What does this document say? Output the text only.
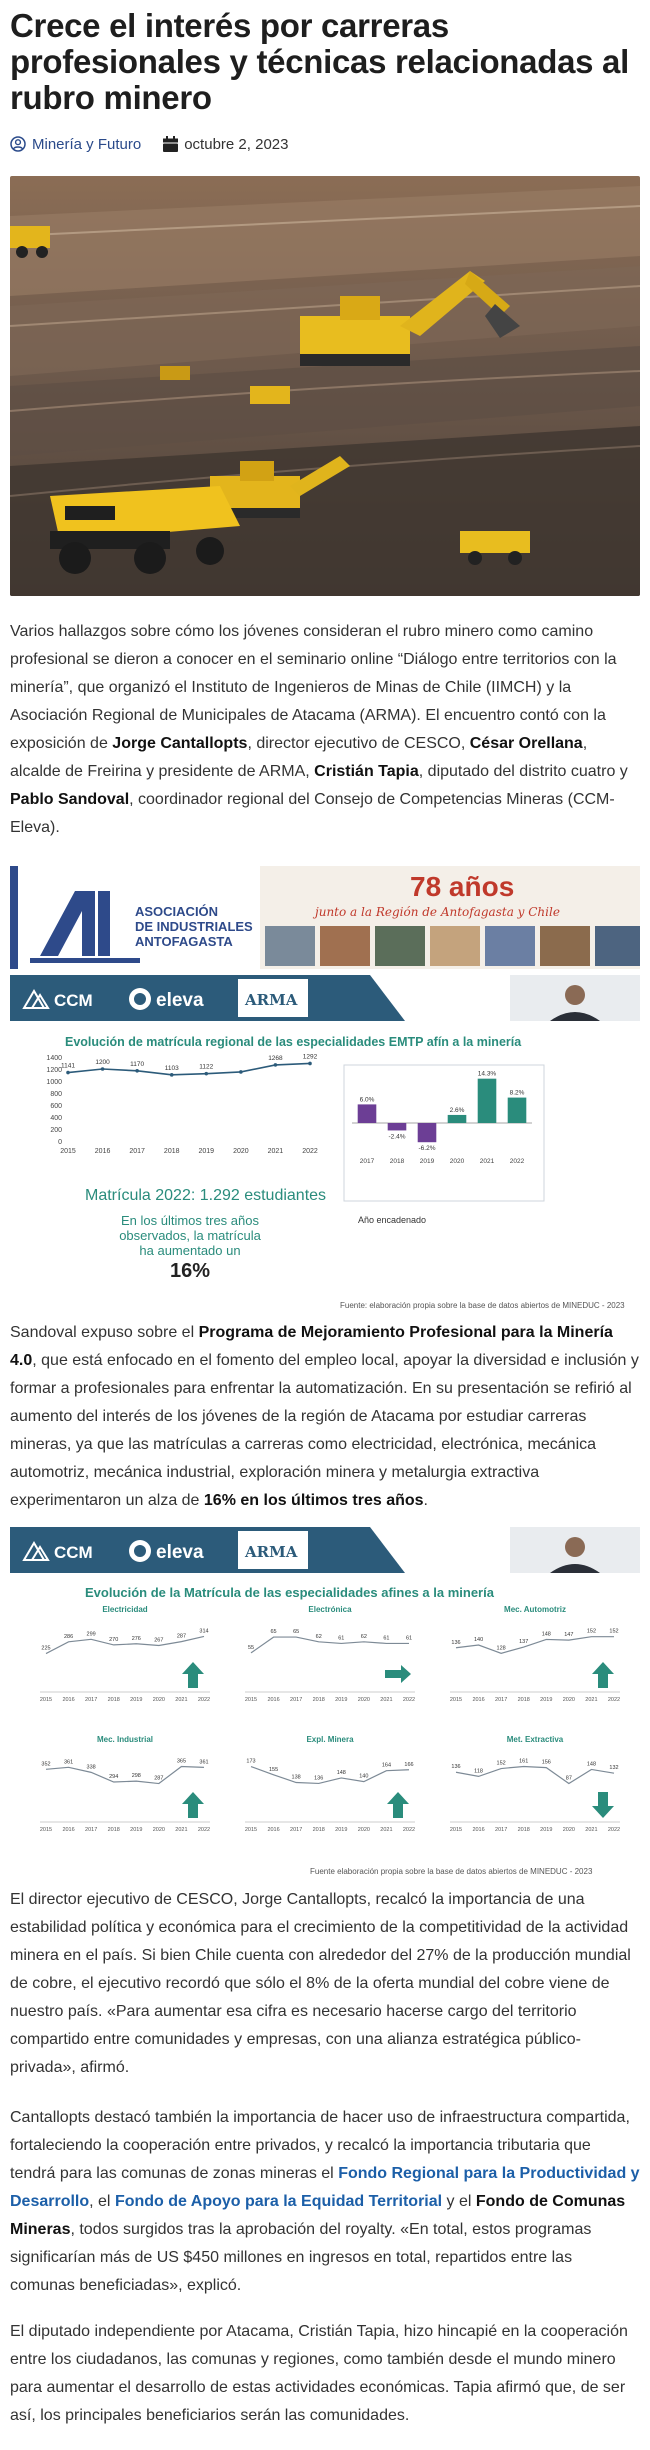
Crece el interés por carreras profesionales y técnicas relacionadas al rubro minero
Minería y Futuro	octubre 2, 2023

Varios hallazgos sobre cómo los jóvenes consideran el rubro minero como camino profesional se dieron a conocer en el seminario online “Diálogo entre territorios con la minería”, que organizó el Instituto de Ingenieros de Minas de Chile (IIMCH) y la Asociación Regional de Municipales de Atacama (ARMA). El encuentro contó con la exposición de Jorge Cantallopts, director ejecutivo de CESCO, César Orellana, alcalde de Freirina y presidente de ARMA, Cristián Tapia, diputado del distrito cuatro y Pablo Sandoval, coordinador regional del Consejo de Competencias Mineras (CCM-Eleva).

ASOCIACIÓN
DE INDUSTRIALES
ANTOFAGASTA
78 años
junto a la Región de Antofagasta y Chile
CCM	eleva	ARMA
Evolución de matrícula regional de las especialidades EMTP afín a la minería
0
200
400
600
800
1000
1200
1400
2015	2016	2017	2018	2019	2020	2021	2022
1141
1200	1170
1103	1122
1268	1292
6.0%
2017
-2.4%
2018
-6.2%
2019
2.6%
2020
14.3%
2021
8.2%
2022
Matrícula 2022: 1.292 estudiantes
En los últimos tres años
observados, la matrícula
ha aumentado un
16%
Año encadenado
Fuente: elaboración propia sobre la base de datos abiertos de MINEDUC - 2023

Sandoval expuso sobre el Programa de Mejoramiento Profesional para la Minería 4.0, que está enfocado en el fomento del empleo local, apoyar la diversidad e inclusión y formar a profesionales para enfrentar la automatización. En su presentación se refirió al aumento del interés de los jóvenes de la región de Atacama por estudiar carreras mineras, ya que las matrículas a carreras como electricidad, electrónica, mecánica automotriz, mecánica industrial, exploración minera y metalurgia extractiva experimentaron un alza de 16% en los últimos tres años.

CCM	eleva	ARMA
Evolución de la Matrícula de las especialidades afines a la minería
Electricidad
225
286 299
270 276 267
287
314
2015 2016 2017 2018 2019 2020 2021 2022
Electrónica
55
65	65
62	61	62	61	61
2015 2016 2017 2018 2019 2020 2021 2022
Mec. Automotriz
136 140
128
137
148 147
152 152
2015 2016 2017 2018 2019 2020 2021 2022
Mec. Industrial
352 361
338
294 298 287
365 361
2015 2016 2017 2018 2019 2020 2021 2022
Expl. Minera
173
155
138 136
148
140
164 166
2015 2016 2017 2018 2019 2020 2021 2022
Met. Extractiva
136
118
152 161 156
87
148
132
2015 2016 2017 2018 2019 2020 2021 2022
Fuente elaboración propia sobre la base de datos abiertos de MINEDUC - 2023

El director ejecutivo de CESCO, Jorge Cantallopts, recalcó la importancia de una estabilidad política y económica para el crecimiento de la competitividad de la actividad minera en el país. Si bien Chile cuenta con alrededor del 27% de la producción mundial de cobre, el ejecutivo recordó que sólo el 8% de la oferta mundial del cobre viene de nuestro país. «Para aumentar esa cifra es necesario hacerse cargo del territorio compartido entre comunidades y empresas, con una alianza estratégica público-privada», afirmó.

Cantallopts destacó también la importancia de hacer uso de infraestructura compartida, fortaleciendo la cooperación entre privados, y recalcó la importancia tributaria que tendrá para las comunas de zonas mineras el Fondo Regional para la Productividad y Desarrollo, el Fondo de Apoyo para la Equidad Territorial y el Fondo de Comunas Mineras, todos surgidos tras la aprobación del royalty. «En total, estos programas significarían más de US $450 millones en ingresos en total, repartidos entre las comunas beneficiadas», explicó.

El diputado independiente por Atacama, Cristián Tapia, hizo hincapié en la cooperación entre los ciudadanos, las comunas y regiones, como también desde el mundo minero para aumentar el desarrollo de estas actividades económicas. Tapia afirmó que, de ser así, los principales beneficiarios serán las comunidades.
